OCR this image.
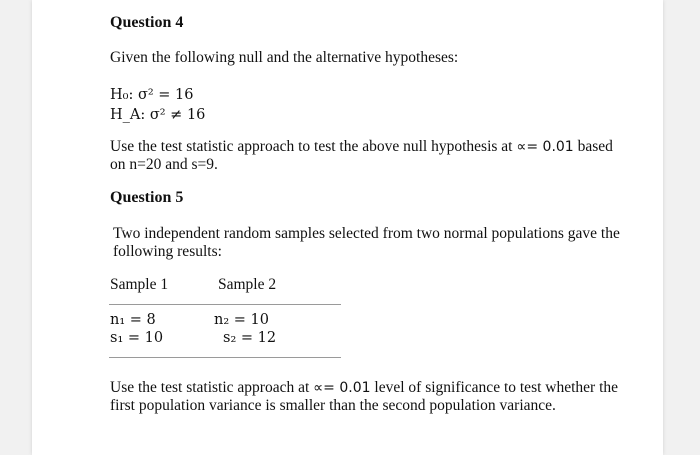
Question 4
Given the following null and the alternative hypotheses:
H₀: σ² = 16
H_A: σ² ≠ 16
Use the test statistic approach to test the above null hypothesis at ∝= 0.01 based
on n=20 and s=9.
Question 5
Two independent random samples selected from two normal populations gave the
following results:
Sample 1	Sample 2
n₁ = 8	n₂ = 10
s₁ = 10	s₂ = 12
Use the test statistic approach at ∝= 0.01 level of significance to test whether the
first population variance is smaller than the second population variance.
